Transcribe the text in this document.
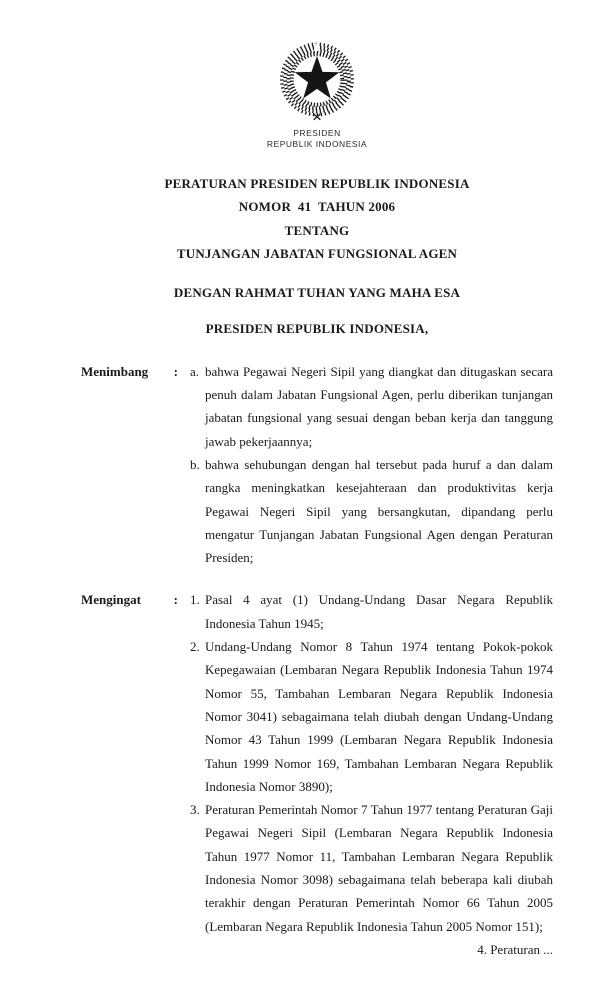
PRESIDEN
REPUBLIK INDONESIA
PERATURAN PRESIDEN REPUBLIK INDONESIA
NOMOR  41  TAHUN 2006
TENTANG
TUNJANGAN JABATAN FUNGSIONAL AGEN
DENGAN RAHMAT TUHAN YANG MAHA ESA
PRESIDEN REPUBLIK INDONESIA,
Menimbang : a. bahwa Pegawai Negeri Sipil yang diangkat dan ditugaskan secara penuh dalam Jabatan Fungsional Agen, perlu diberikan tunjangan jabatan fungsional yang sesuai dengan beban kerja dan tanggung jawab pekerjaannya;
b. bahwa sehubungan dengan hal tersebut pada huruf a dan dalam rangka meningkatkan kesejahteraan dan produktivitas kerja Pegawai Negeri Sipil yang bersangkutan, dipandang perlu mengatur Tunjangan Jabatan Fungsional Agen dengan Peraturan Presiden;
Mengingat	: 1. Pasal 4 ayat (1) Undang-Undang Dasar Negara Republik Indonesia Tahun 1945;
2. Undang-Undang Nomor 8 Tahun 1974 tentang Pokok-pokok Kepegawaian (Lembaran Negara Republik Indonesia Tahun 1974 Nomor 55, Tambahan Lembaran Negara Republik Indonesia Nomor 3041) sebagaimana telah diubah dengan Undang-Undang Nomor 43 Tahun 1999 (Lembaran Negara Republik Indonesia Tahun 1999 Nomor 169, Tambahan Lembaran Negara Republik Indonesia Nomor 3890);
3. Peraturan Pemerintah Nomor 7 Tahun 1977 tentang Peraturan Gaji Pegawai Negeri Sipil (Lembaran Negara Republik Indonesia Tahun 1977 Nomor 11, Tambahan Lembaran Negara Republik Indonesia Nomor 3098) sebagaimana telah beberapa kali diubah terakhir dengan Peraturan Pemerintah Nomor 66 Tahun 2005 (Lembaran Negara Republik Indonesia Tahun 2005 Nomor 151);
4. Peraturan ...
